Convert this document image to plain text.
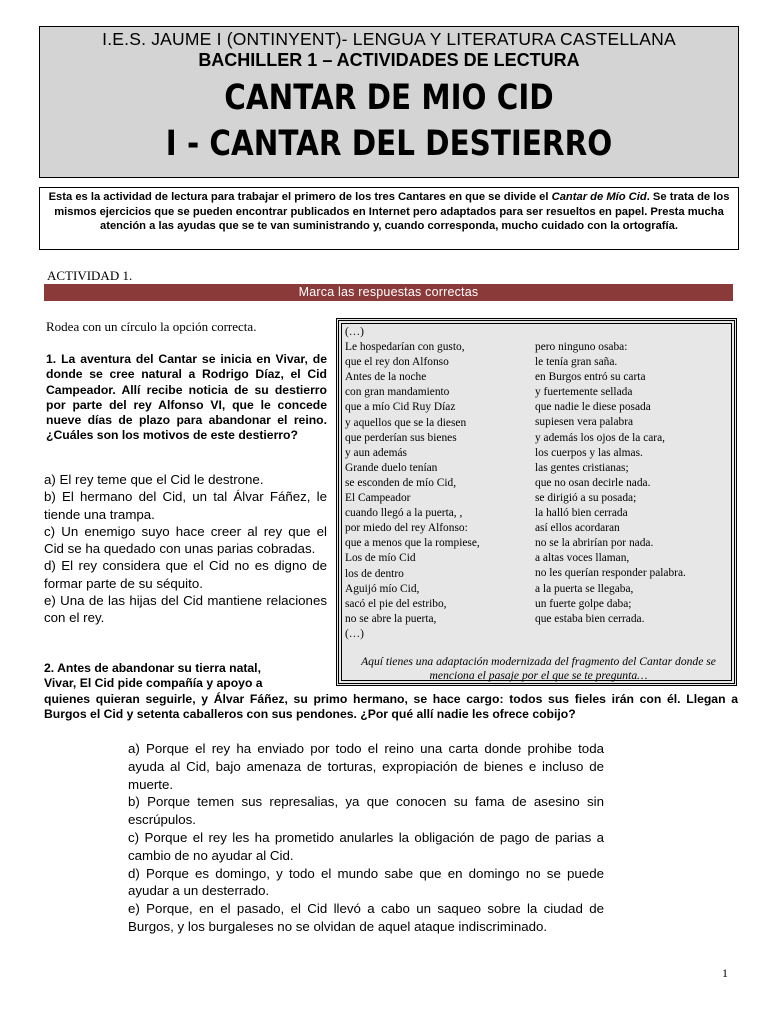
I.E.S. JAUME I (ONTINYENT)- LENGUA Y LITERATURA CASTELLANA
BACHILLER 1 – ACTIVIDADES DE LECTURA
CANTAR DE MIO CID
I - CANTAR DEL DESTIERRO
Esta es la actividad de lectura para trabajar el primero de los tres Cantares en que se divide el Cantar de Mío Cid. Se trata de los mismos ejercicios que se pueden encontrar publicados en Internet pero adaptados para ser resueltos en papel. Presta mucha atención a las ayudas que se te van suministrando y, cuando corresponda, mucho cuidado con la ortografía.
ACTIVIDAD 1.
Marca las respuestas correctas
Rodea con un círculo la opción correcta.
1. La aventura del Cantar se inicia en Vivar, de donde se cree natural a Rodrigo Díaz, el Cid Campeador. Allí recibe noticia de su destierro por parte del rey Alfonso VI, que le concede nueve días de plazo para abandonar el reino. ¿Cuáles son los motivos de este destierro?

a) El rey teme que el Cid le destrone.

b) El hermano del Cid, un tal Álvar Fáñez, le tiende una trampa.

c) Un enemigo suyo hace creer al rey que el Cid se ha quedado con unas parias cobradas.

d) El rey considera que el Cid no es digno de formar parte de su séquito.

e) Una de las hijas del Cid mantiene relaciones con el rey.

(…)
Le hospedarían con gusto,
que el rey don Alfonso
Antes de la noche
con gran mandamiento
que a mío Cid Ruy Díaz
y aquellos que se la diesen
que perderían sus bienes
y aun además
Grande duelo tenían
se esconden de mío Cid,
El Campeador
cuando llegó a la puerta, ,
por miedo del rey Alfonso:
que a menos que la rompiese,
Los de mío Cid
los de dentro
Aguijó mío Cid,
sacó el pie del estribo,
no se abre la puerta,
(…)
pero ninguno osaba:
le tenía gran saña.
en Burgos entró su carta
y fuertemente sellada
que nadie le diese posada
supiesen vera palabra
y además los ojos de la cara,
los cuerpos y las almas.
las gentes cristianas;
que no osan decirle nada.
se dirigió a su posada;
la halló bien cerrada
así ellos acordaran
no se la abrirían por nada.
a altas voces llaman,
no les querían responder palabra.
a la puerta se llegaba,
un fuerte golpe daba;
que estaba bien cerrada.
Aquí tienes una adaptación modernizada del fragmento del Cantar donde se menciona el pasaje por el que se te pregunta…
2. Antes de abandonar su tierra natal,
Vivar, El Cid pide compañía y apoyo a
quienes quieran seguirle, y Álvar Fáñez, su primo hermano, se hace cargo: todos sus fieles irán con él. Llegan a Burgos el Cid y setenta caballeros con sus pendones. ¿Por qué allí nadie les ofrece cobijo?

a) Porque el rey ha enviado por todo el reino una carta donde prohibe toda ayuda al Cid, bajo amenaza de torturas, expropiación de bienes e incluso de muerte.

b) Porque temen sus represalias, ya que conocen su fama de asesino sin escrúpulos.

c) Porque el rey les ha prometido anularles la obligación de pago de parias a cambio de no ayudar al Cid.

d) Porque es domingo, y todo el mundo sabe que en domingo no se puede ayudar a un desterrado.

e) Porque, en el pasado, el Cid llevó a cabo un saqueo sobre la ciudad de Burgos, y los burgaleses no se olvidan de aquel ataque indiscriminado.

1
